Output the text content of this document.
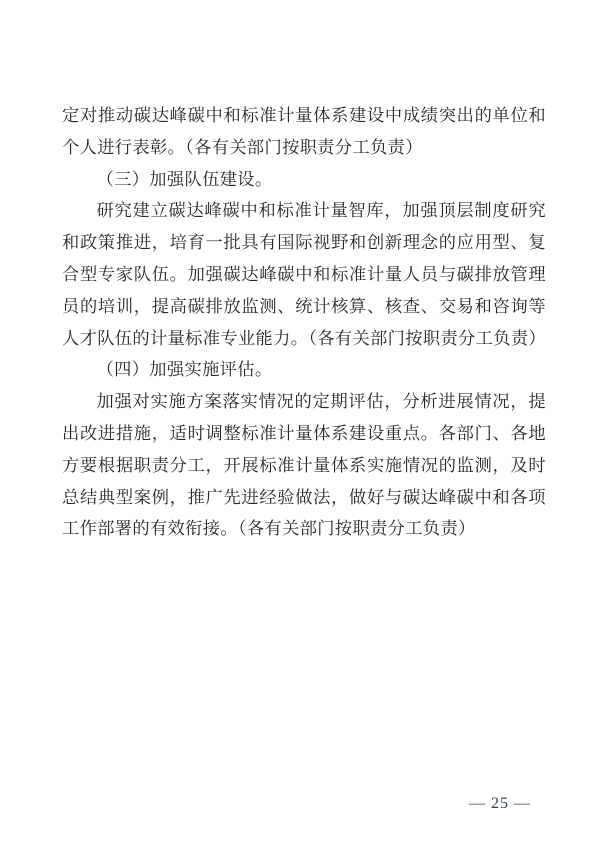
定对推动碳达峰碳中和标准计量体系建设中成绩突出的单位和个人进行表彰。（各有关部门按职责分工负责）

（三）加强队伍建设。

研究建立碳达峰碳中和标准计量智库，加强顶层制度研究和政策推进，培育一批具有国际视野和创新理念的应用型、复合型专家队伍。加强碳达峰碳中和标准计量人员与碳排放管理员的培训，提高碳排放监测、统计核算、核查、交易和咨询等人才队伍的计量标准专业能力。（各有关部门按职责分工负责）

（四）加强实施评估。

加强对实施方案落实情况的定期评估，分析进展情况，提出改进措施，适时调整标准计量体系建设重点。各部门、各地方要根据职责分工，开展标准计量体系实施情况的监测，及时总结典型案例，推广先进经验做法，做好与碳达峰碳中和各项工作部署的有效衔接。（各有关部门按职责分工负责）

— 25 —
